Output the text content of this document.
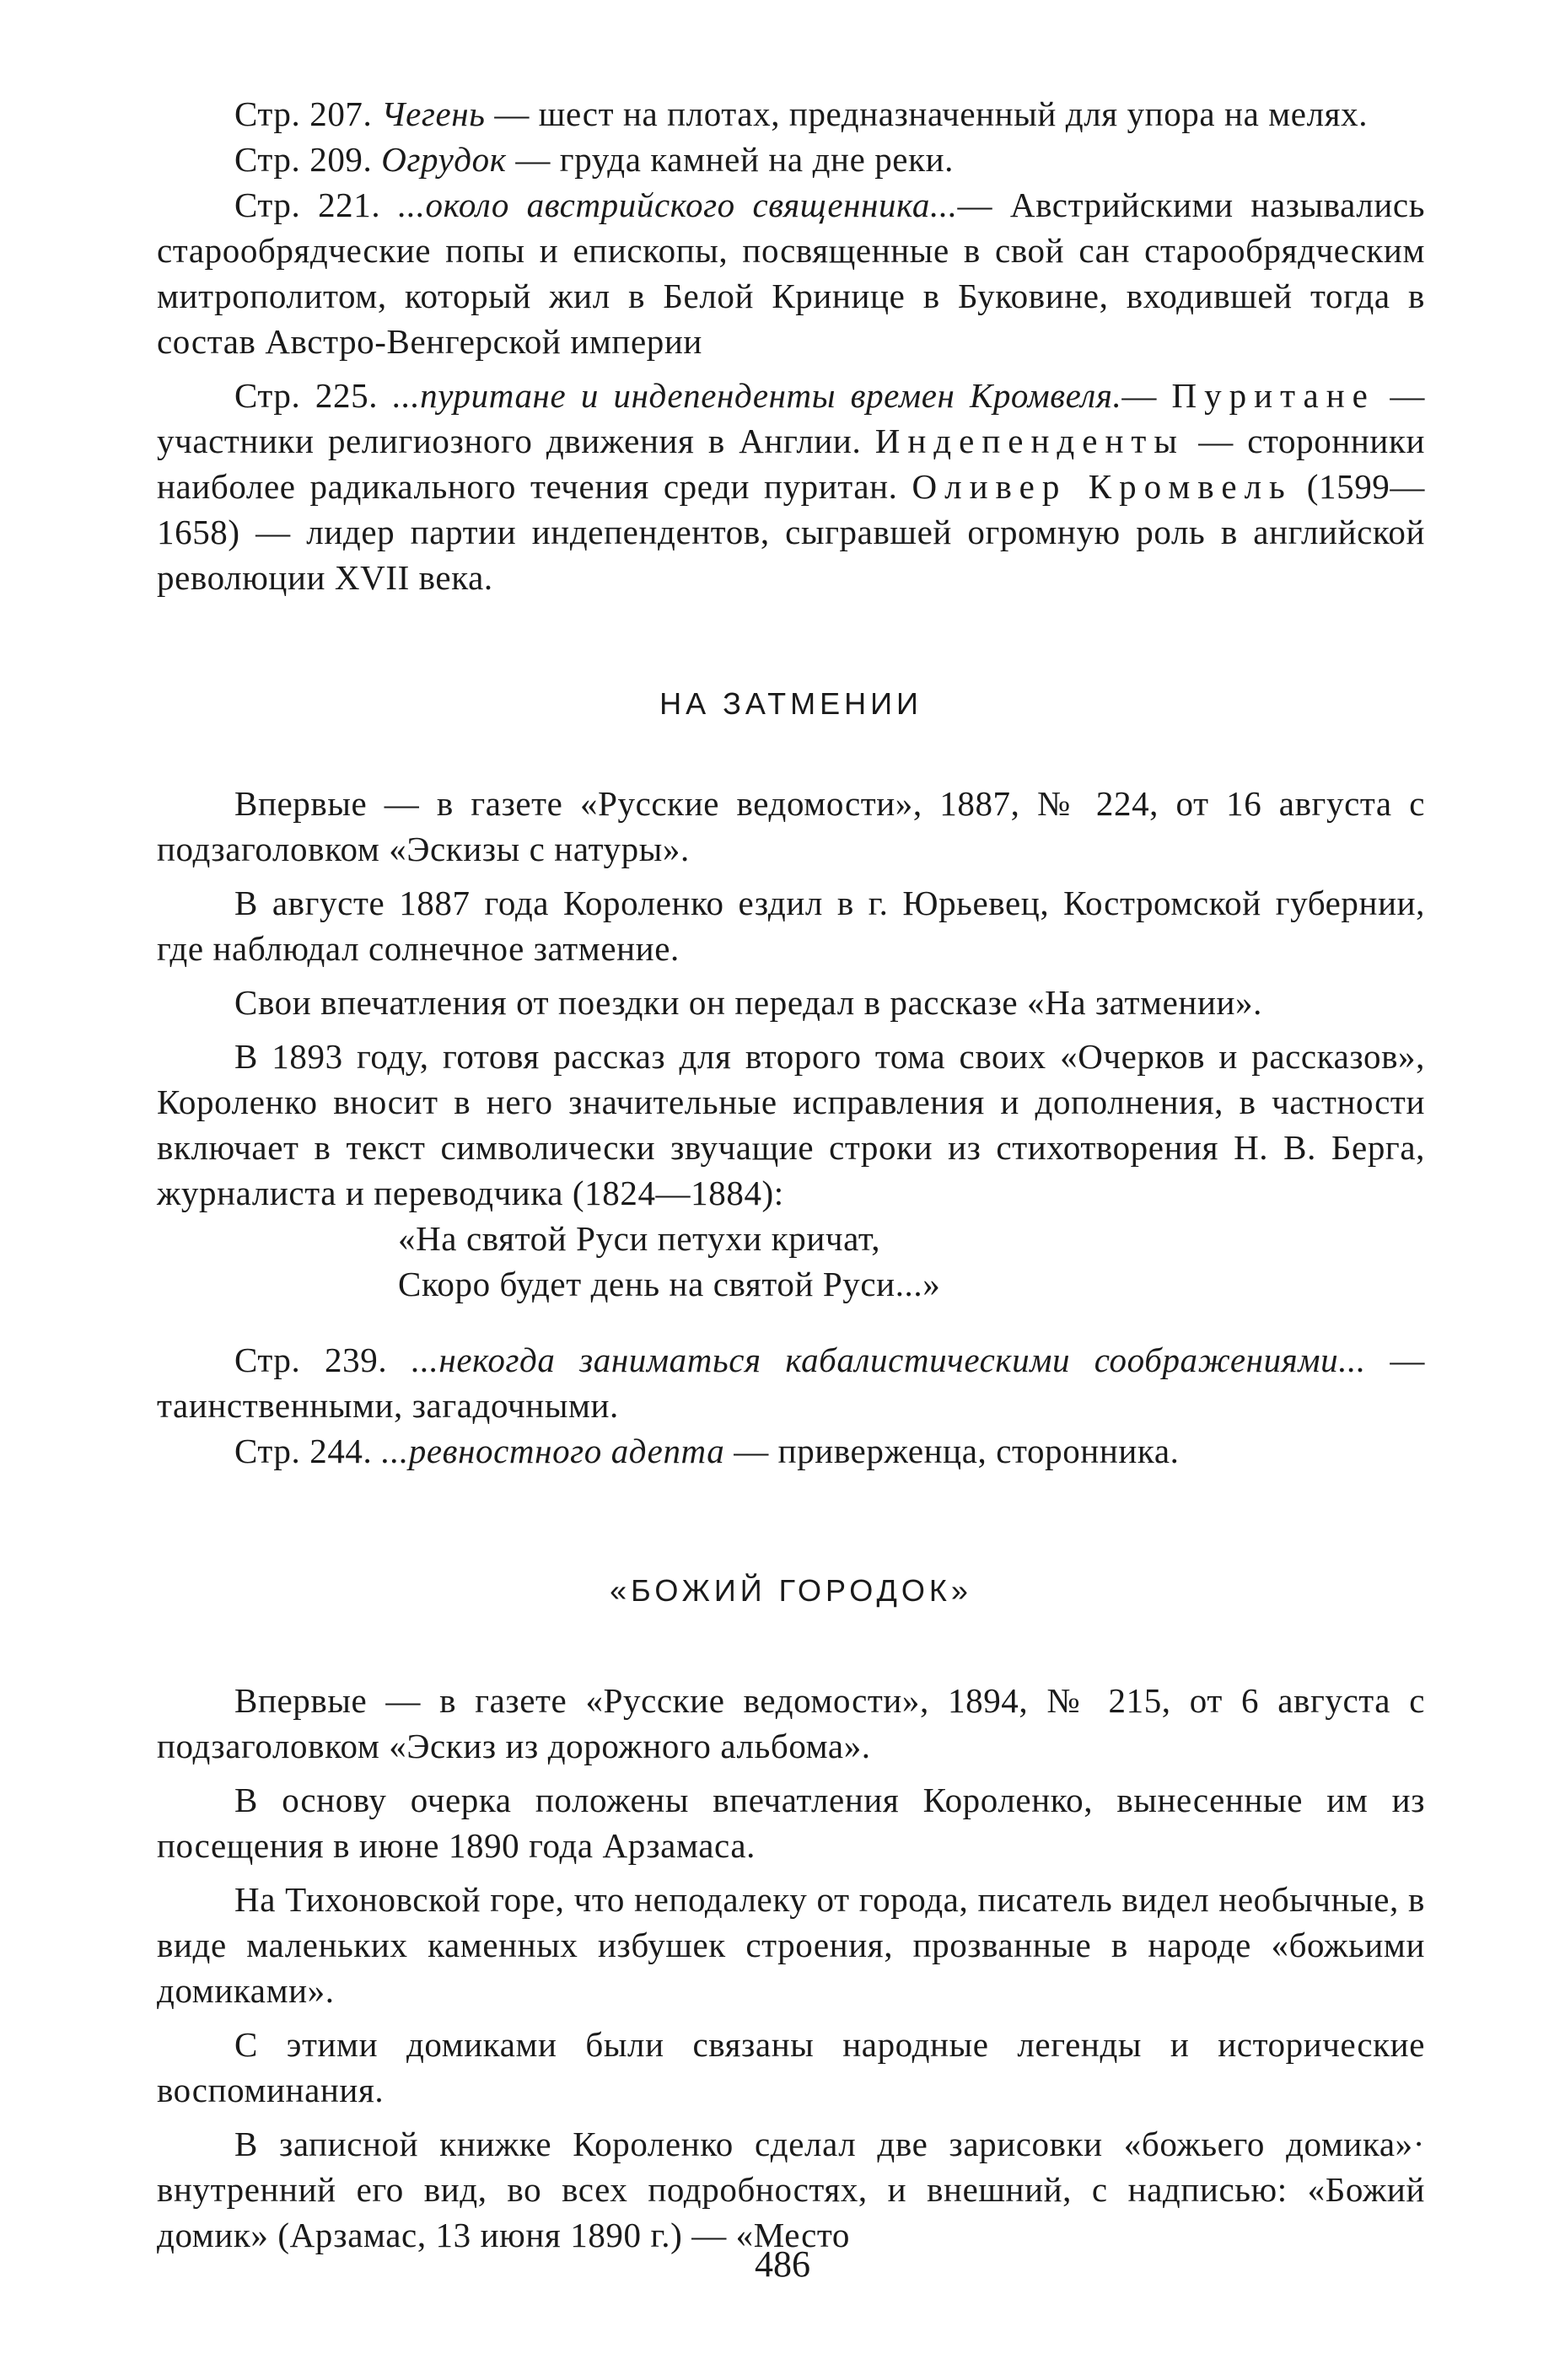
Стр. 207. Чегень — шест на плотах, предназначенный для упора на мелях.

Стр. 209. Огрудок — груда камней на дне реки.

Стр. 221. ...около австрийского священника...— Австрийскими назывались старообрядческие попы и епископы, посвященные в свой сан старообрядческим митрополитом, который жил в Белой Кринице в Буковине, входившей тогда в состав Австро-Венгерской империи

Стр. 225. ...пуритане и индепенденты времен Кромвеля.— Пуритане — участники религиозного движения в Англии. Индепенденты — сторонники наиболее радикального течения среди пуритан. Оливер Кромвель (1599—1658) — лидер партии индепендентов, сыгравшей огромную роль в английской революции XVII века.

НА ЗАТМЕНИИ

Впервые — в газете «Русские ведомости», 1887, № 224, от 16 августа с подзаголовком «Эскизы с натуры».

В августе 1887 года Короленко ездил в г. Юрьевец, Костромской губернии, где наблюдал солнечное затмение.

Свои впечатления от поездки он передал в рассказе «На затмении».

В 1893 году, готовя рассказ для второго тома своих «Очерков и рассказов», Короленко вносит в него значительные исправления и дополнения, в частности включает в текст символически звучащие строки из стихотворения Н. В. Берга, журналиста и переводчика (1824—1884):

«На святой Руси петухи кричат,
Скоро будет день на святой Руси...»

Стр. 239. ...некогда заниматься кабалистическими соображениями... — таинственными, загадочными.

Стр. 244. ...ревностного адепта — приверженца, сторонника.

«БОЖИЙ ГОРОДОК»

Впервые — в газете «Русские ведомости», 1894, № 215, от 6 августа с подзаголовком «Эскиз из дорожного альбома».

В основу очерка положены впечатления Короленко, вынесенные им из посещения в июне 1890 года Арзамаса.

На Тихоновской горе, что неподалеку от города, писатель видел необычные, в виде маленьких каменных избушек строения, прозванные в народе «божьими домиками».

С этими домиками были связаны народные легенды и исторические воспоминания.

В записной книжке Короленко сделал две зарисовки «божьего домика»· внутренний его вид, во всех подробностях, и внешний, с надписью: «Божий домик» (Арзамас, 13 июня 1890 г.) — «Место

486
